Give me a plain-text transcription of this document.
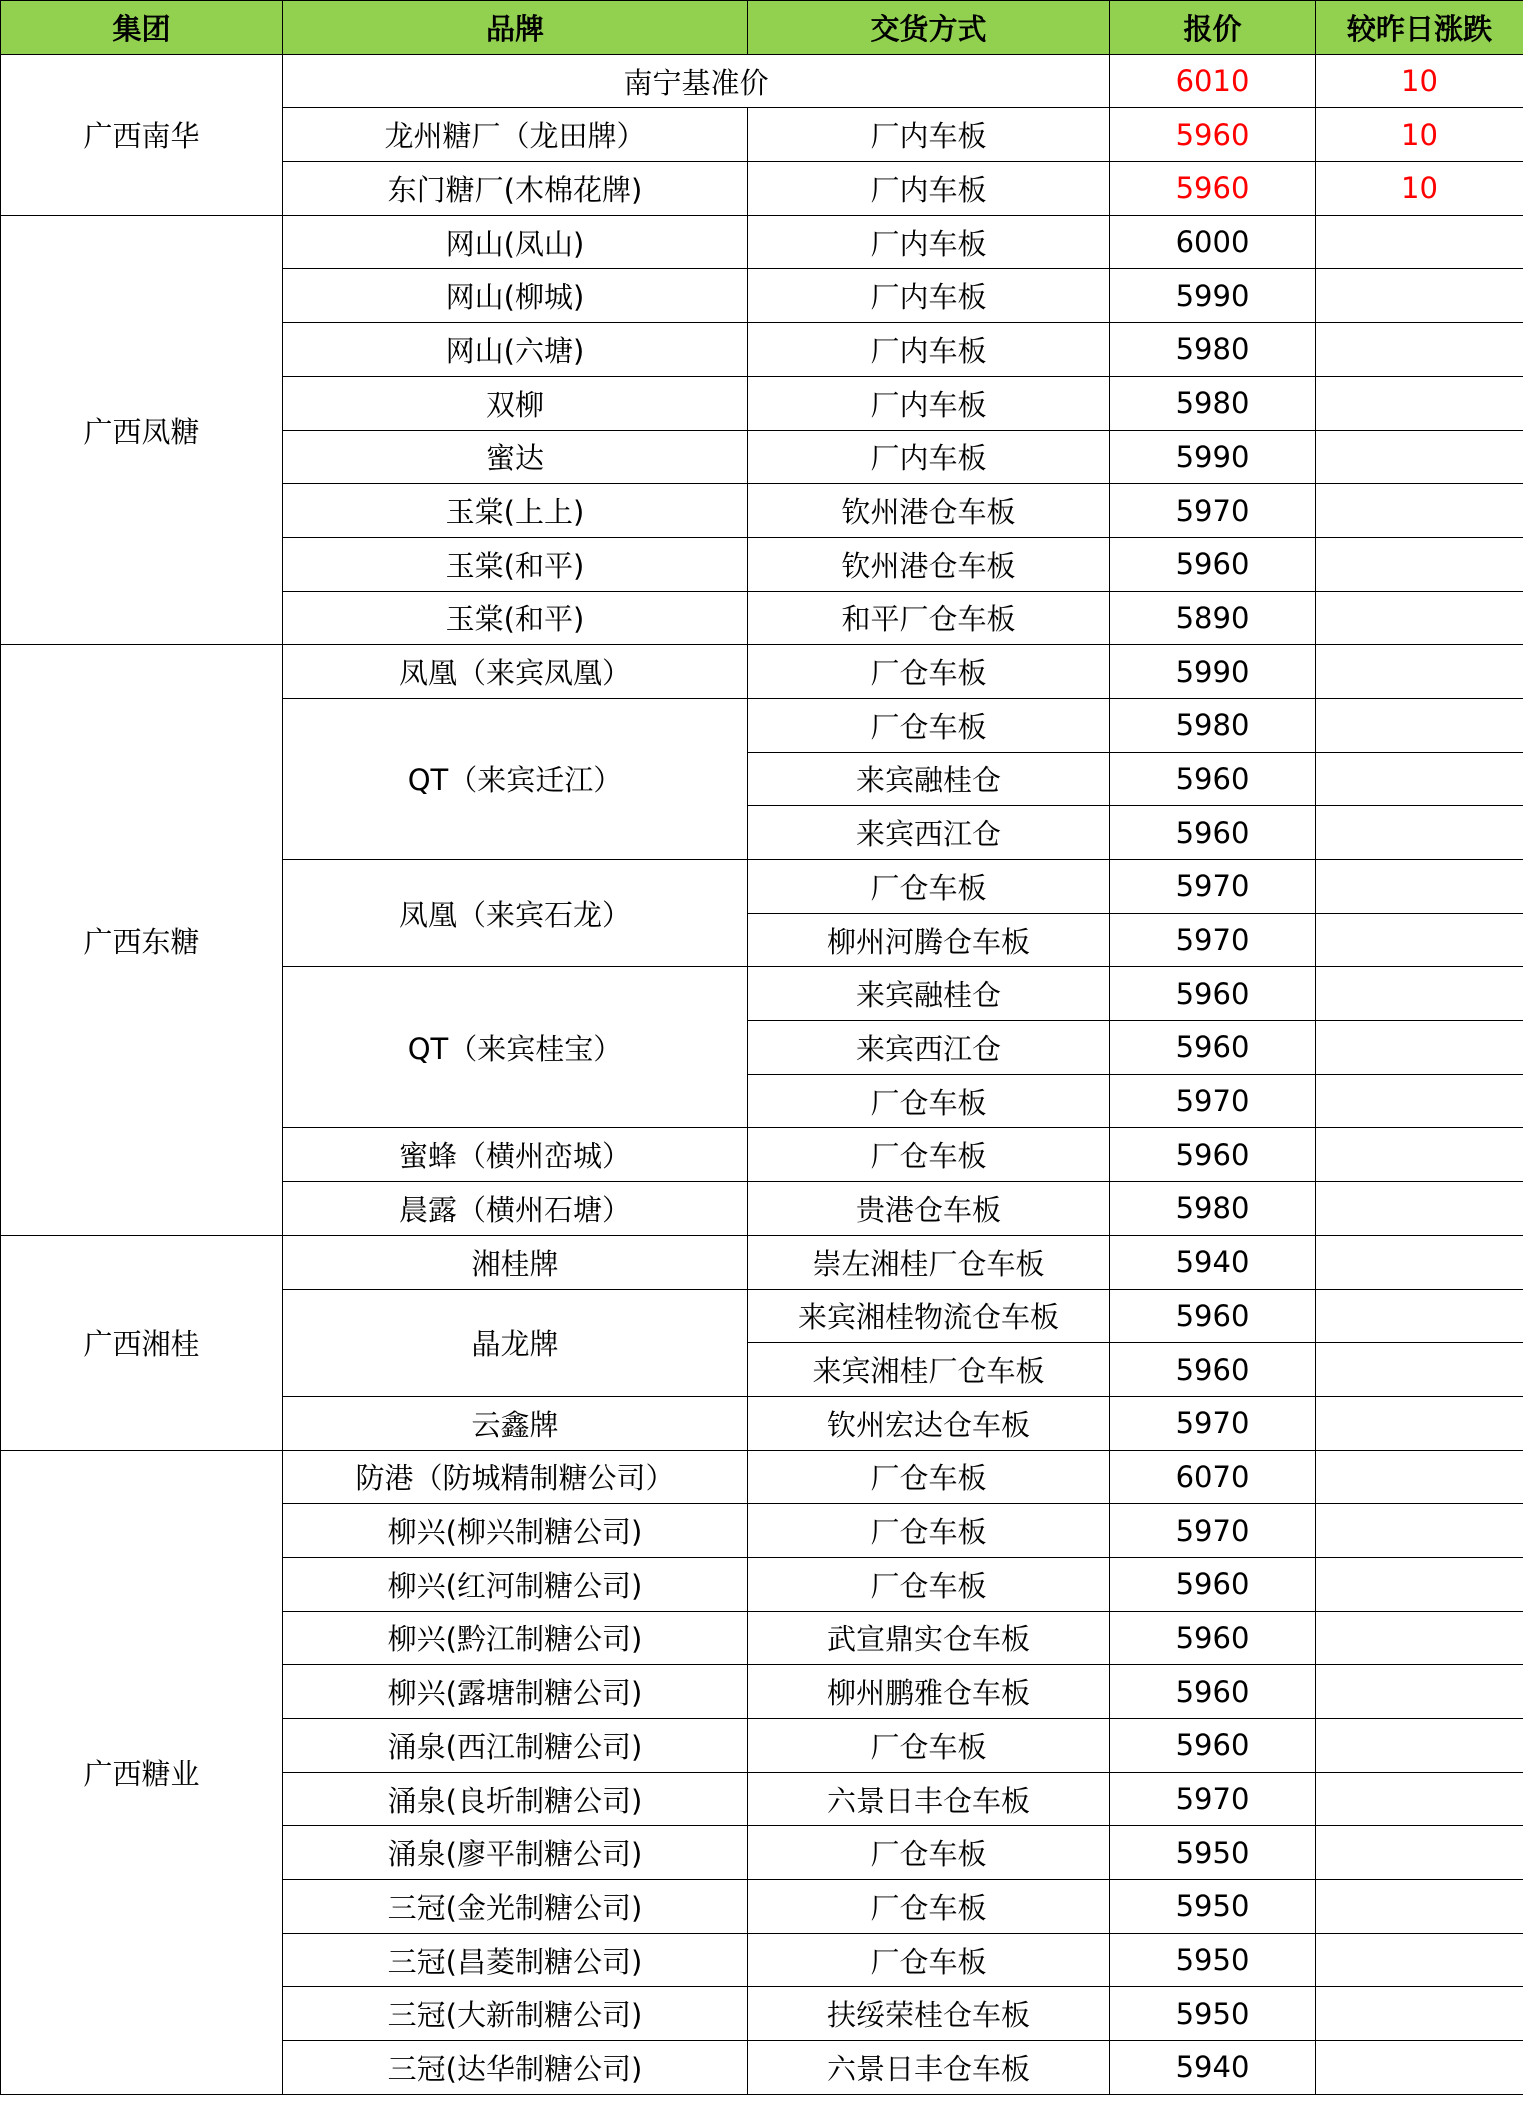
集团	品牌	交货方式	报价	较昨日涨跌
广西南华	南宁基准价		6010	10
	龙州糖厂（龙田牌）	厂内车板	5960	10
	东门糖厂(木棉花牌)	厂内车板	5960	10
广西凤糖	网山(凤山)	厂内车板	6000	
	网山(柳城)	厂内车板	5990	
	网山(六塘)	厂内车板	5980	
	双柳	厂内车板	5980	
	蜜达	厂内车板	5990	
	玉棠(上上)	钦州港仓车板	5970	
	玉棠(和平)	钦州港仓车板	5960	
	玉棠(和平)	和平厂仓车板	5890	
广西东糖	凤凰（来宾凤凰）	厂仓车板	5990	
	QT（来宾迁江）	厂仓车板	5980	
		来宾融桂仓	5960	
		来宾西江仓	5960	
	凤凰（来宾石龙）	厂仓车板	5970	
		柳州河腾仓车板	5970	
	QT（来宾桂宝）	来宾融桂仓	5960	
		来宾西江仓	5960	
		厂仓车板	5970	
	蜜蜂（横州峦城）	厂仓车板	5960	
	晨露（横州石塘）	贵港仓车板	5980	
广西湘桂	湘桂牌	崇左湘桂厂仓车板	5940	
	晶龙牌	来宾湘桂物流仓车板	5960	
		来宾湘桂厂仓车板	5960	
	云鑫牌	钦州宏达仓车板	5970	
广西糖业	防港（防城精制糖公司）	厂仓车板	6070	
	柳兴(柳兴制糖公司)	厂仓车板	5970	
	柳兴(红河制糖公司)	厂仓车板	5960	
	柳兴(黔江制糖公司)	武宣鼎实仓车板	5960	
	柳兴(露塘制糖公司)	柳州鹏雅仓车板	5960	
	涌泉(西江制糖公司)	厂仓车板	5960	
	涌泉(良圻制糖公司)	六景日丰仓车板	5970	
	涌泉(廖平制糖公司)	厂仓车板	5950	
	三冠(金光制糖公司)	厂仓车板	5950	
	三冠(昌菱制糖公司)	厂仓车板	5950	
	三冠(大新制糖公司)	扶绥荣桂仓车板	5950	
	三冠(达华制糖公司)	六景日丰仓车板	5940	
